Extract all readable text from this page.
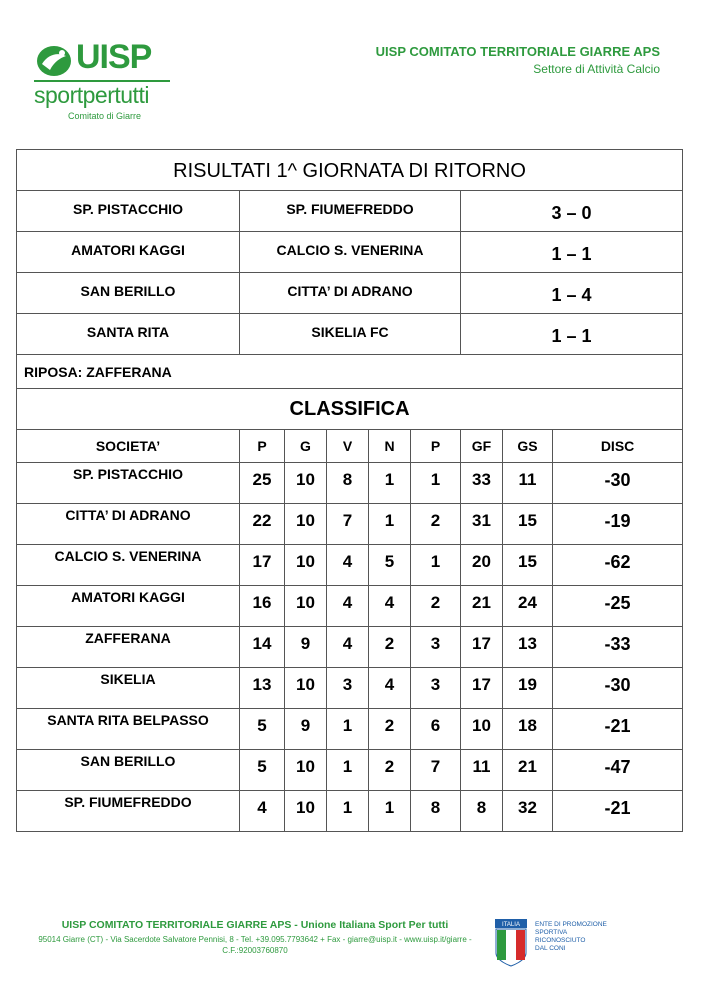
UISP
sportpertutti
Comitato di Giarre
UISP COMITATO TERRITORIALE GIARRE APS
Settore di Attività Calcio
RISULTATI 1^ GIORNATA DI RITORNO								
SP. PISTACCHIO	SP. FIUMEFREDDO					3 – 0		
AMATORI KAGGI	CALCIO S. VENERINA					1 – 1		
SAN BERILLO	CITTA’ DI ADRANO					1 – 4		
SANTA RITA	SIKELIA FC					1 – 1		
RIPOSA: ZAFFERANA								
CLASSIFICA								
SOCIETA’	P	G	V	N	P	GF	GS	DISC
SP. PISTACCHIO	25	10	8	1	1	33	11	-30
CITTA’ DI ADRANO	22	10	7	1	2	31	15	-19
CALCIO S. VENERINA	17	10	4	5	1	20	15	-62
AMATORI KAGGI	16	10	4	4	2	21	24	-25
ZAFFERANA	14	9	4	2	3	17	13	-33
SIKELIA	13	10	3	4	3	17	19	-30
SANTA RITA BELPASSO	5	9	1	2	6	10	18	-21
SAN BERILLO	5	10	1	2	7	11	21	-47
SP. FIUMEFREDDO	4	10	1	1	8	8	32	-21
UISP COMITATO TERRITORIALE GIARRE APS - Unione Italiana Sport Per tutti
95014 Giarre (CT) - Via Sacerdote Salvatore Pennisi, 8 - Tel. +39.095.7793642 + Fax - giarre@uisp.it - www.uisp.it/giarre -
C.F.:92003760870
ITALIA ENTE DI PROMOZIONE
SPORTIVA
RICONOSCIUTO
DAL CONI
